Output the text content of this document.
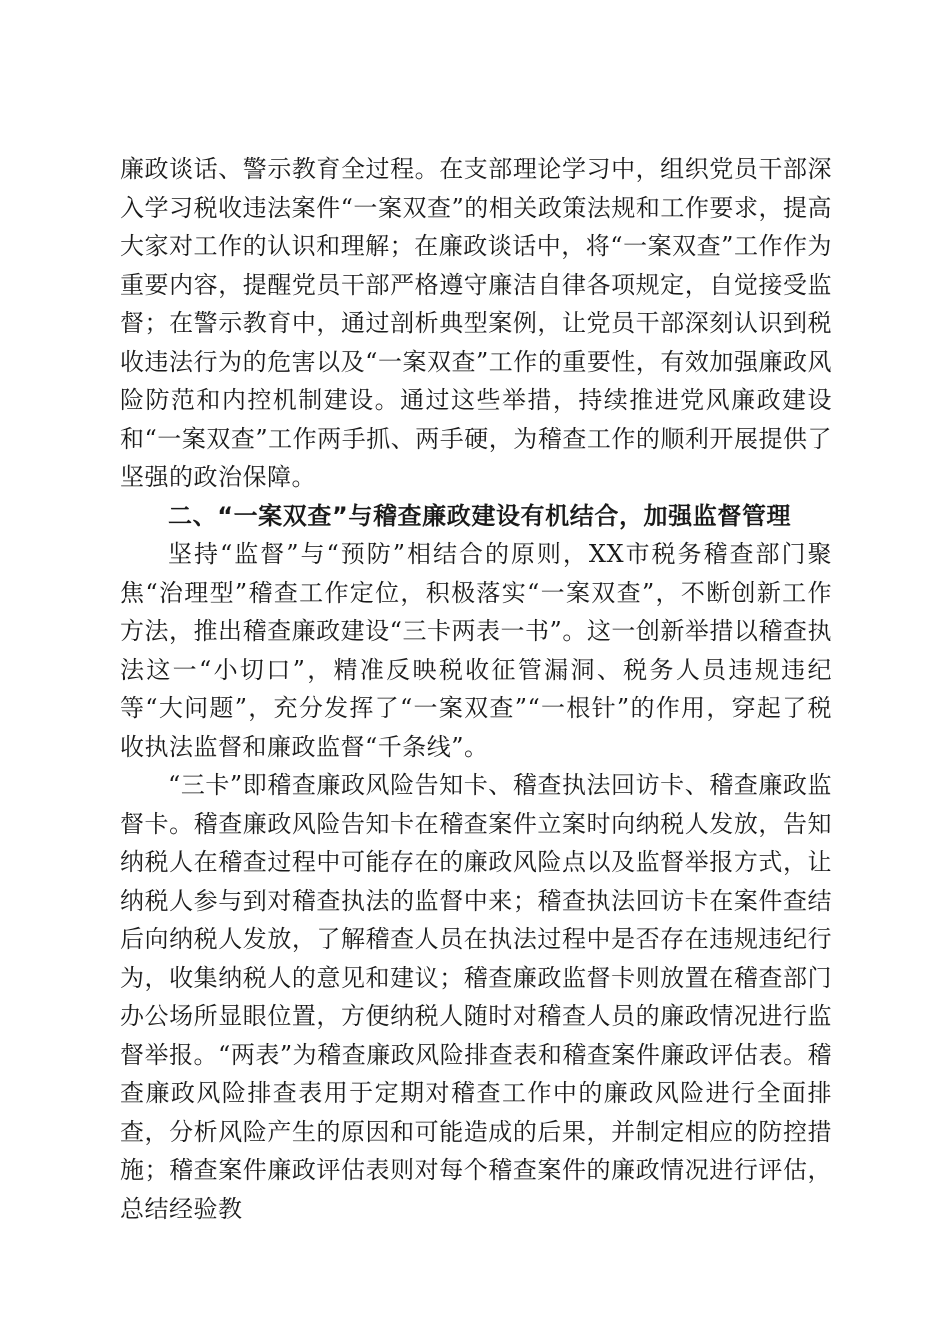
廉政谈话、警示教育全过程。在支部理论学习中，组织党员干部深入学习税收违法案件“一案双查”的相关政策法规和工作要求，提高大家对工作的认识和理解；在廉政谈话中，将“一案双查”工作作为重要内容，提醒党员干部严格遵守廉洁自律各项规定，自觉接受监督；在警示教育中，通过剖析典型案例，让党员干部深刻认识到税收违法行为的危害以及“一案双查”工作的重要性，有效加强廉政风险防范和内控机制建设。通过这些举措，持续推进党风廉政建设和“一案双查”工作两手抓、两手硬，为稽查工作的顺利开展提供了坚强的政治保障。

二、“一案双查”与稽查廉政建设有机结合，加强监督管理

坚持“监督”与“预防”相结合的原则，XX市税务稽查部门聚焦“治理型”稽查工作定位，积极落实“一案双查”，不断创新工作方法，推出稽查廉政建设“三卡两表一书”。这一创新举措以稽查执法这一“小切口”，精准反映税收征管漏洞、税务人员违规违纪等“大问题”，充分发挥了“一案双查”“一根针”的作用，穿起了税收执法监督和廉政监督“千条线”。

“三卡”即稽查廉政风险告知卡、稽查执法回访卡、稽查廉政监督卡。稽查廉政风险告知卡在稽查案件立案时向纳税人发放，告知纳税人在稽查过程中可能存在的廉政风险点以及监督举报方式，让纳税人参与到对稽查执法的监督中来；稽查执法回访卡在案件查结后向纳税人发放，了解稽查人员在执法过程中是否存在违规违纪行为，收集纳税人的意见和建议；稽查廉政监督卡则放置在稽查部门办公场所显眼位置，方便纳税人随时对稽查人员的廉政情况进行监督举报。“两表”为稽查廉政风险排查表和稽查案件廉政评估表。稽查廉政风险排查表用于定期对稽查工作中的廉政风险进行全面排查，分析风险产生的原因和可能造成的后果，并制定相应的防控措施；稽查案件廉政评估表则对每个稽查案件的廉政情况进行评估，总结经验教
